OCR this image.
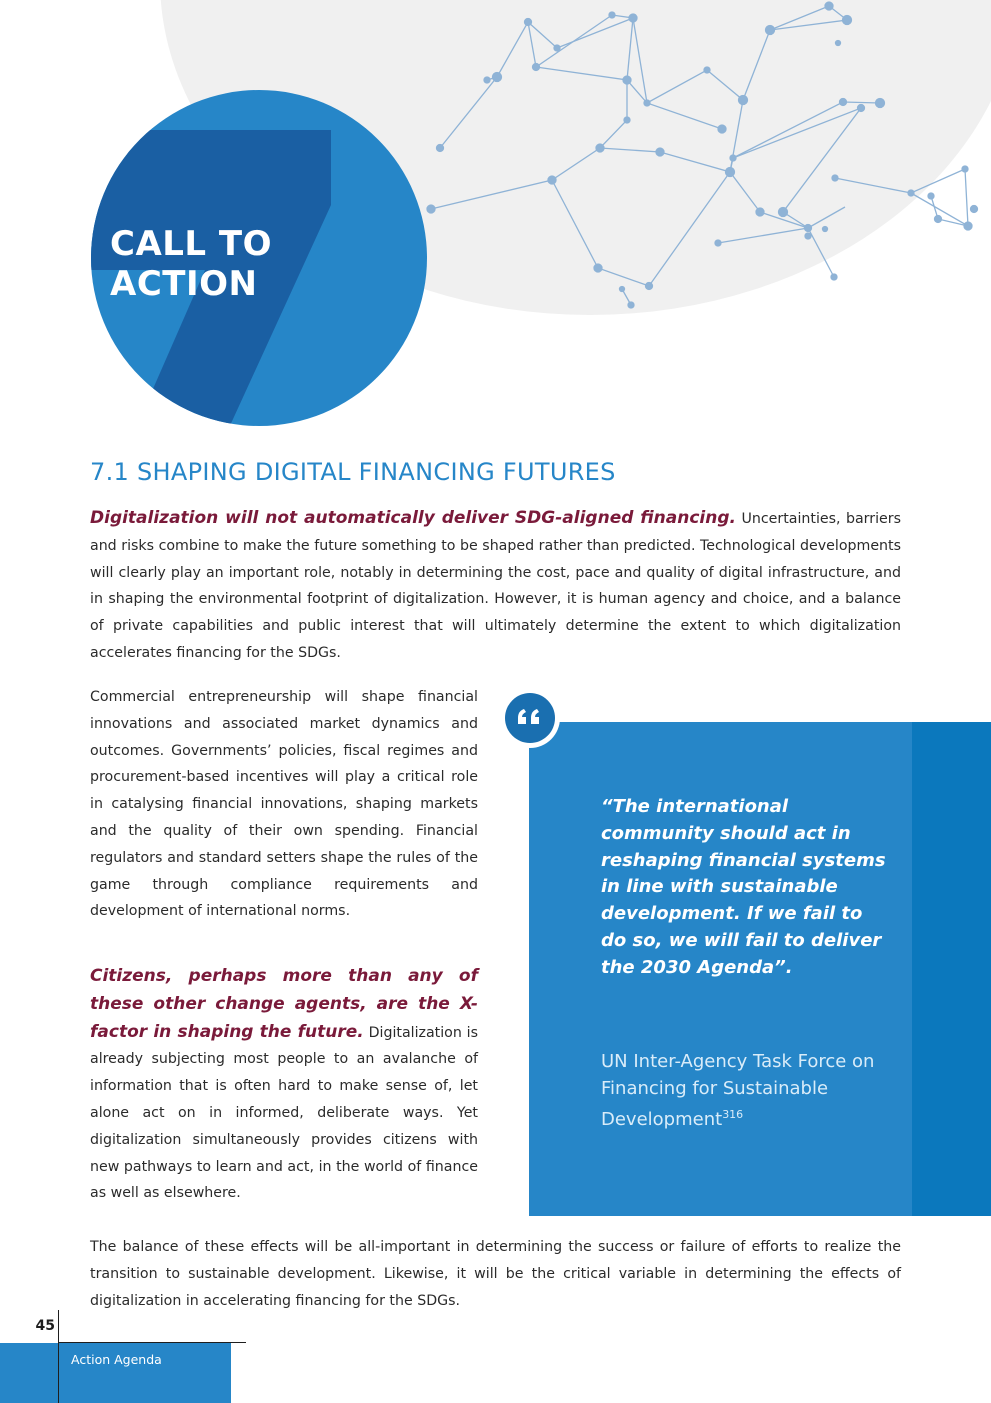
CALL TO
ACTION
7.1 SHAPING DIGITAL FINANCING FUTURES
Digitalization will not automatically deliver SDG-aligned financing. Uncertainties, barriers and risks combine to make the future something to be shaped rather than predicted. Technological developments will clearly play an important role, notably in determining the cost, pace and quality of digital infrastructure, and in shaping the environmental footprint of digitalization. However, it is human agency and choice, and a balance of private capabilities and public interest that will ultimately determine the extent to which digitalization accelerates financing for the SDGs.
Commercial entrepreneurship will shape financial innovations and associated market dynamics and outcomes. Governments’ policies, fiscal regimes and procurement-based incentives will play a critical role in catalysing financial innovations, shaping markets and the quality of their own spending. Financial regulators and standard setters shape the rules of the game through compliance requirements and development of international norms.
Citizens, perhaps more than any of these other change agents, are the X-factor in shaping the future. Digitalization is already subjecting most people to an avalanche of information that is often hard to make sense of, let alone act on in informed, deliberate ways. Yet digitalization simultaneously provides citizens with new pathways to learn and act, in the world of finance as well as elsewhere.
“The international community should act in reshaping financial systems in line with sustainable development. If we fail to do so, we will fail to deliver the 2030 Agenda”.
UN Inter-Agency Task Force on Financing for Sustainable Development$^{316}$
The balance of these effects will be all-important in determining the success or failure of efforts to realize the transition to sustainable development. Likewise, it will be the critical variable in determining the effects of digitalization in accelerating financing for the SDGs.
45
Action Agenda
